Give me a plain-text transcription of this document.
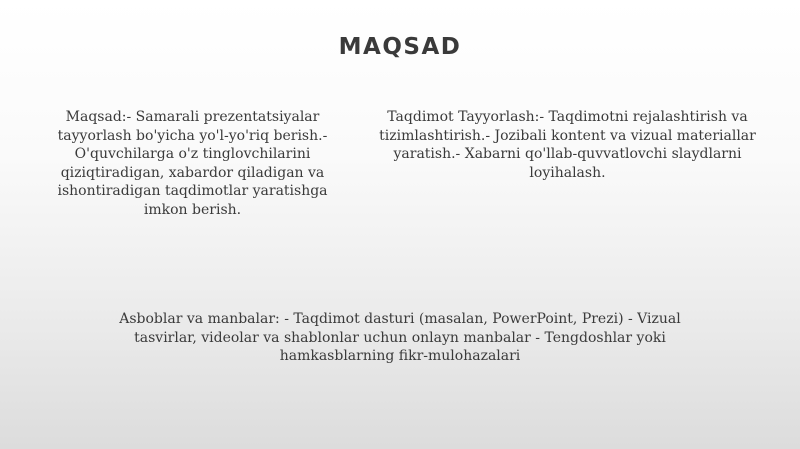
MAQSAD
Maqsad:- Samarali prezentatsiyalar tayyorlash bo'yicha yo'l-yo'riq berish.- O'quvchilarga o'z tinglovchilarini qiziqtiradigan, xabardor qiladigan va ishontiradigan taqdimotlar yaratishga imkon berish.
Taqdimot Tayyorlash:- Taqdimotni rejalashtirish va tizimlashtirish.- Jozibali kontent va vizual materiallar yaratish.- Xabarni qo'llab-quvvatlovchi slaydlarni loyihalash.
Asboblar va manbalar: - Taqdimot dasturi (masalan, PowerPoint, Prezi) - Vizual tasvirlar, videolar va shablonlar uchun onlayn manbalar - Tengdoshlar yoki hamkasblarning fikr-mulohazalari
